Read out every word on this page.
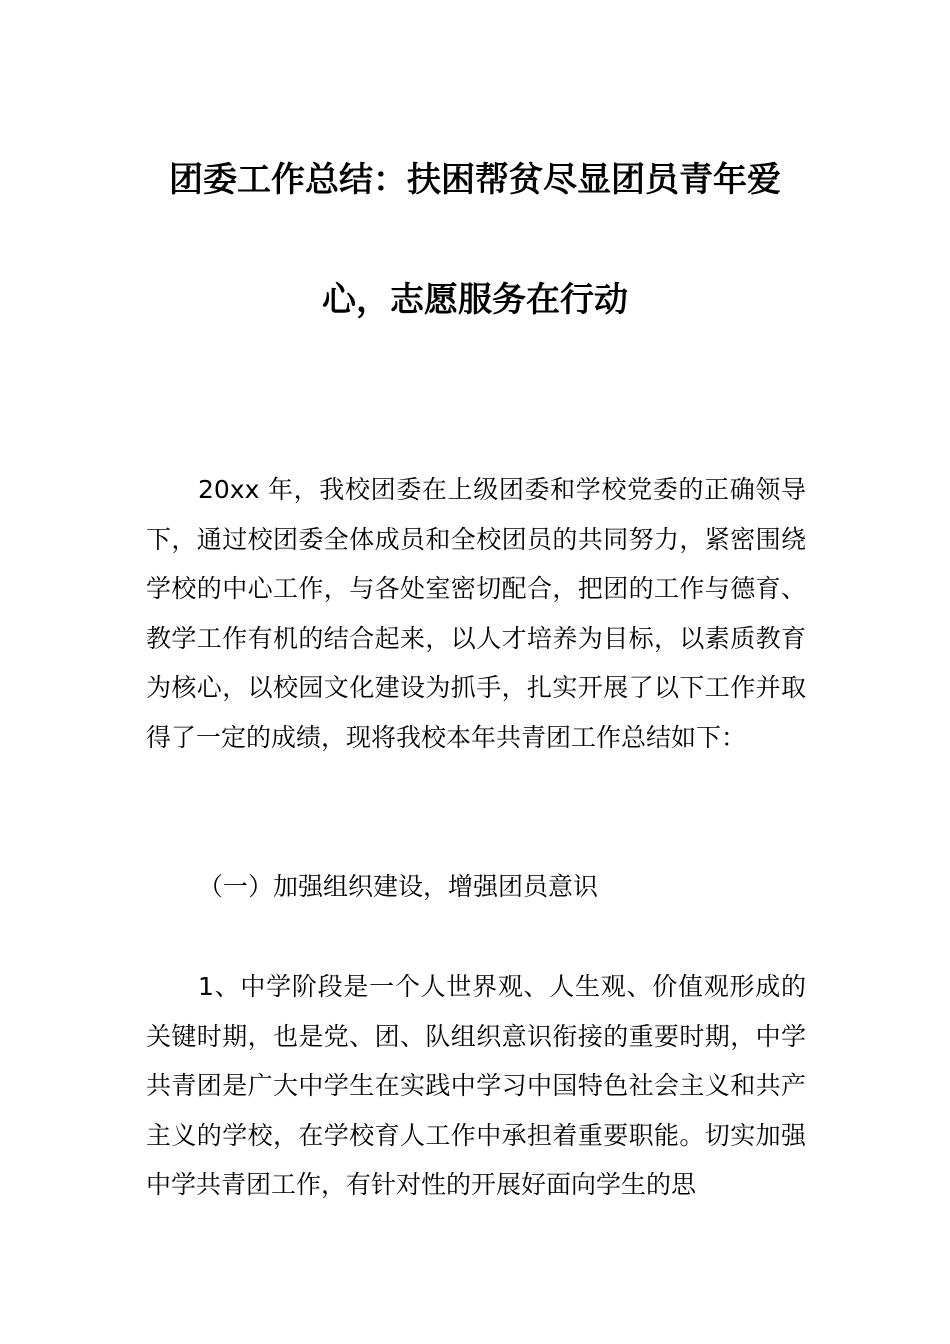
团委工作总结：扶困帮贫尽显团员青年爱
心，志愿服务在行动
20xx 年，我校团委在上级团委和学校党委的正确领导下，通过校团委全体成员和全校团员的共同努力，紧密围绕学校的中心工作，与各处室密切配合，把团的工作与德育、教学工作有机的结合起来，以人才培养为目标，以素质教育为核心，以校园文化建设为抓手，扎实开展了以下工作并取得了一定的成绩，现将我校本年共青团工作总结如下：
（一）加强组织建设，增强团员意识
1、中学阶段是一个人世界观、人生观、价值观形成的关键时期，也是党、团、队组织意识衔接的重要时期，中学共青团是广大中学生在实践中学习中国特色社会主义和共产主义的学校，在学校育人工作中承担着重要职能。切实加强中学共青团工作，有针对性的开展好面向学生的思
